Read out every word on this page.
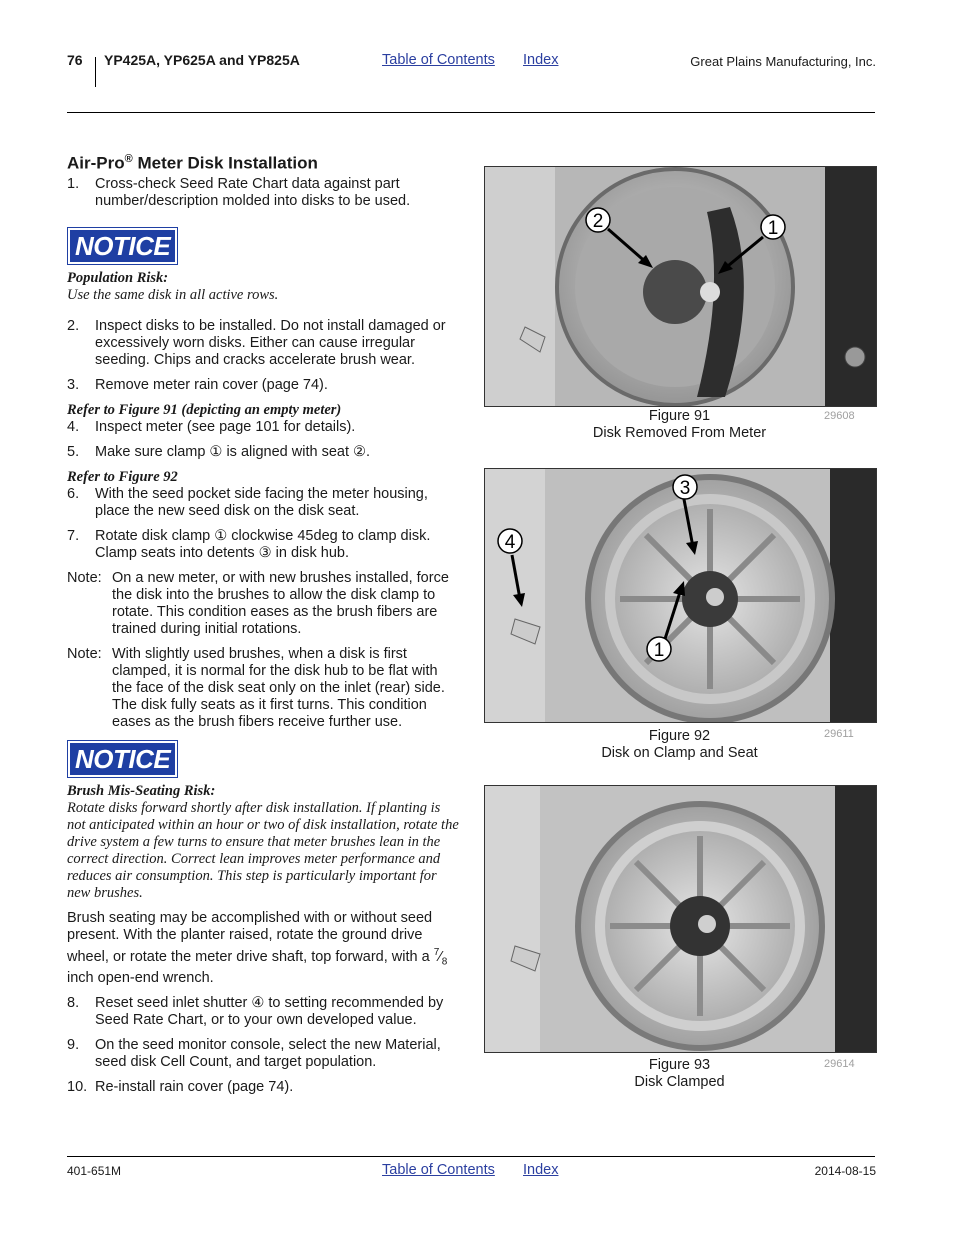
76 YP425A, YP625A and YP825A	Table of Contents Index	Great Plains Manufacturing, Inc.
Air-Pro® Meter Disk Installation
1.	Cross-check Seed Rate Chart data against part number/description molded into disks to be used.
NOTICE
Population Risk:
Use the same disk in all active rows.
2.	Inspect disks to be installed. Do not install damaged or excessively worn disks. Either can cause irregular seeding. Chips and cracks accelerate brush wear.
3.	Remove meter rain cover (page 74).
Refer to Figure 91 (depicting an empty meter)
4.	Inspect meter (see page 101 for details).
5.	Make sure clamp ① is aligned with seat ②.
Refer to Figure 92
6.	With the seed pocket side facing the meter housing, place the new seed disk on the disk seat.
7.	Rotate disk clamp ① clockwise 45deg to clamp disk. Clamp seats into detents ③ in disk hub.
Note: On a new meter, or with new brushes installed, force the disk into the brushes to allow the disk clamp to rotate. This condition eases as the brush fibers are trained during initial rotations.
Note: With slightly used brushes, when a disk is first clamped, it is normal for the disk hub to be flat with the face of the disk seat only on the inlet (rear) side. The disk fully seats as it first turns. This condition eases as the brush fibers receive further use.
NOTICE
Brush Mis-Seating Risk:
Rotate disks forward shortly after disk installation. If planting is not anticipated within an hour or two of disk installation, rotate the drive system a few turns to ensure that meter brushes lean in the correct direction. Correct lean improves meter performance and reduces air consumption. This step is particularly important for new brushes.
Brush seating may be accomplished with or without seed present. With the planter raised, rotate the ground drive wheel, or rotate the meter drive shaft, top forward, with a $^7⁄_8$ inch open-end wrench.
8.	Reset seed inlet shutter ④ to setting recommended by Seed Rate Chart, or to your own developed value.
9.	On the seed monitor console, select the new Material, seed disk Cell Count, and target population.
10. Re-install rain cover (page 74).
2	1
Figure 91
Disk Removed From Meter
29608
3
4
1
Figure 92
Disk on Clamp and Seat
29611
Figure 93
Disk Clamped
29614
401-651M	Table of Contents Index	2014-08-15
